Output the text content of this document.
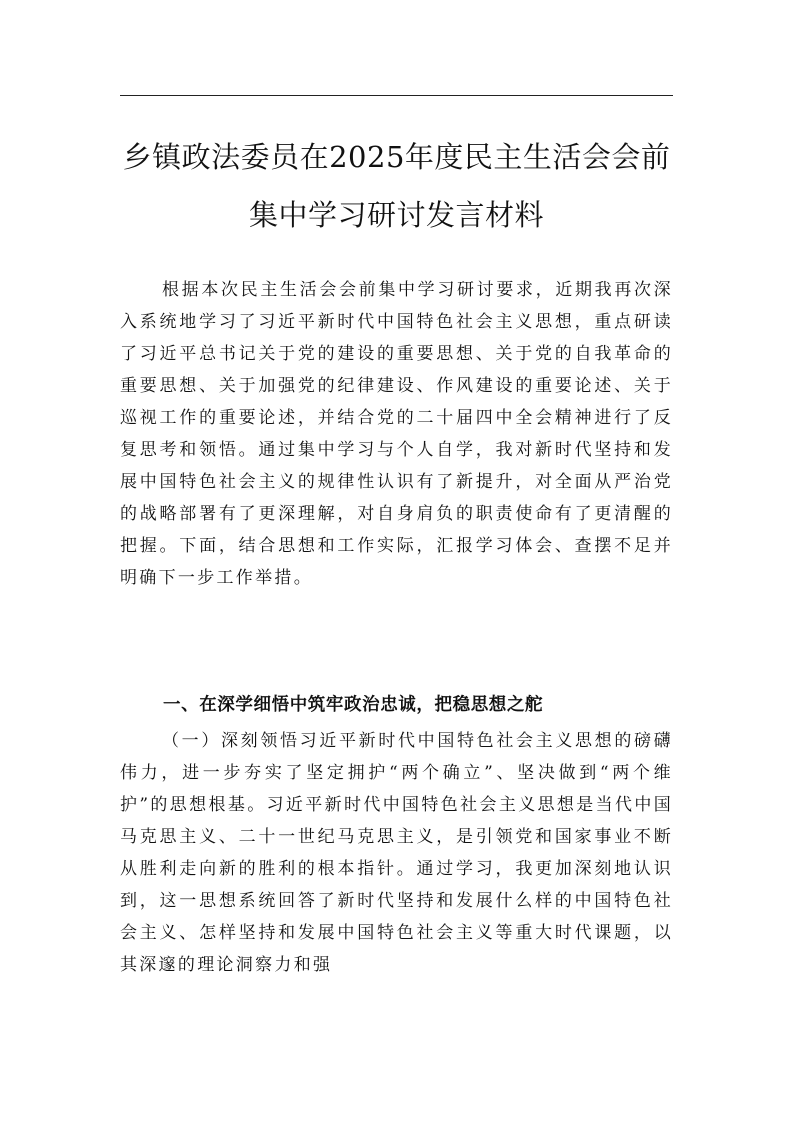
乡镇政法委员在2025年度民主生活会会前
集中学习研讨发言材料
根据本次民主生活会会前集中学习研讨要求，近期我再次深入系统地学习了习近平新时代中国特色社会主义思想，重点研读了习近平总书记关于党的建设的重要思想、关于党的自我革命的重要思想、关于加强党的纪律建设、作风建设的重要论述、关于巡视工作的重要论述，并结合党的二十届四中全会精神进行了反复思考和领悟。通过集中学习与个人自学，我对新时代坚持和发展中国特色社会主义的规律性认识有了新提升，对全面从严治党的战略部署有了更深理解，对自身肩负的职责使命有了更清醒的把握。下面，结合思想和工作实际，汇报学习体会、查摆不足并明确下一步工作举措。
一、在深学细悟中筑牢政治忠诚，把稳思想之舵
（一）深刻领悟习近平新时代中国特色社会主义思想的磅礴伟力，进一步夯实了坚定拥护“两个确立”、坚决做到“两个维护”的思想根基。习近平新时代中国特色社会主义思想是当代中国马克思主义、二十一世纪马克思主义，是引领党和国家事业不断从胜利走向新的胜利的根本指针。通过学习，我更加深刻地认识到，这一思想系统回答了新时代坚持和发展什么样的中国特色社会主义、怎样坚持和发展中国特色社会主义等重大时代课题，以其深邃的理论洞察力和强
